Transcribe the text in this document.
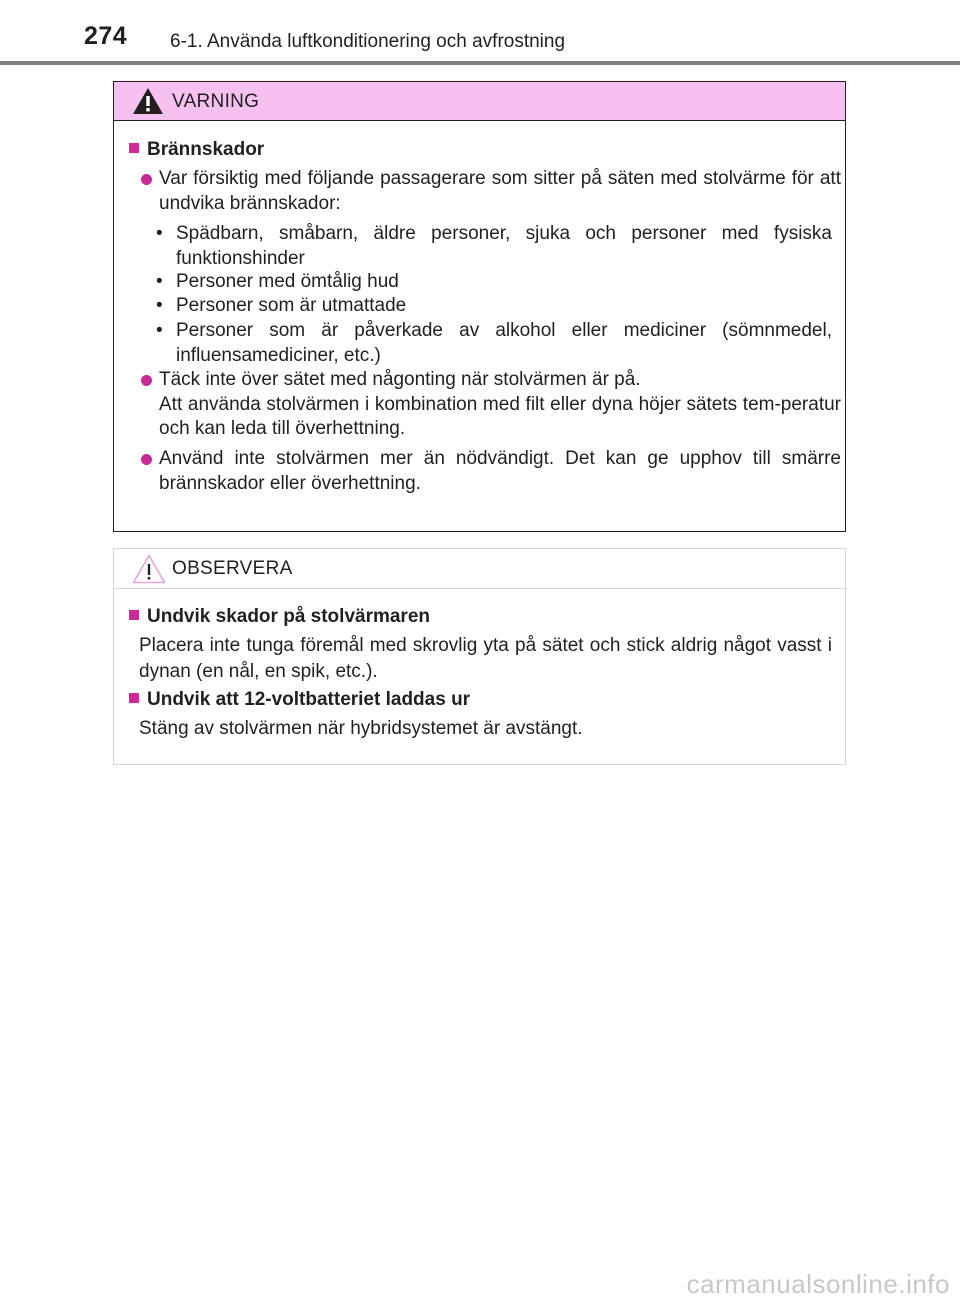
274 6-1. Använda luftkonditionering och avfrostning
VARNING
Brännskador
Var försiktig med följande passagerare som sitter på säten med stolvärme för att undvika brännskador:
• Spädbarn, småbarn, äldre personer, sjuka och personer med fysiska funktionshinder
• Personer med ömtålig hud
• Personer som är utmattade
• Personer som är påverkade av alkohol eller mediciner (sömnmedel, influensamediciner, etc.)
Täck inte över sätet med någonting när stolvärmen är på.
Att använda stolvärmen i kombination med filt eller dyna höjer sätets tem-peratur och kan leda till överhettning.
Använd inte stolvärmen mer än nödvändigt. Det kan ge upphov till smärre brännskador eller överhettning.
OBSERVERA
Undvik skador på stolvärmaren
Placera inte tunga föremål med skrovlig yta på sätet och stick aldrig något vasst i dynan (en nål, en spik, etc.).
Undvik att 12-voltbatteriet laddas ur
Stäng av stolvärmen när hybridsystemet är avstängt.
carmanualsonline.info
